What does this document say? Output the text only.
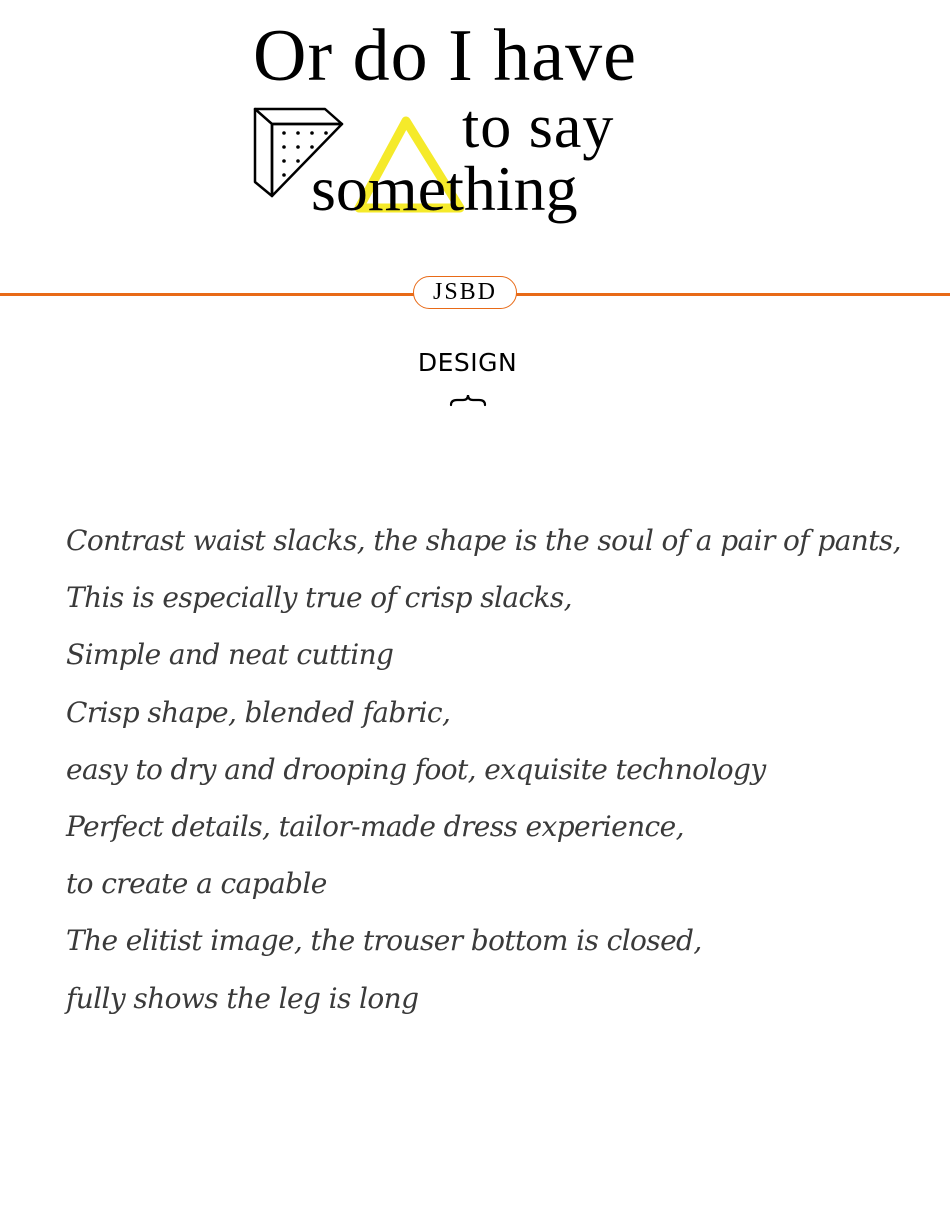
Or do I have
to say
something
JSBD
DESIGN
Contrast waist slacks, the shape is the soul of a pair of pants,
This is especially true of crisp slacks,
Simple and neat cutting
Crisp shape, blended fabric,
easy to dry and drooping foot, exquisite technology
Perfect details, tailor-made dress experience,
to create a capable
The elitist image, the trouser bottom is closed,
fully shows the leg is long
